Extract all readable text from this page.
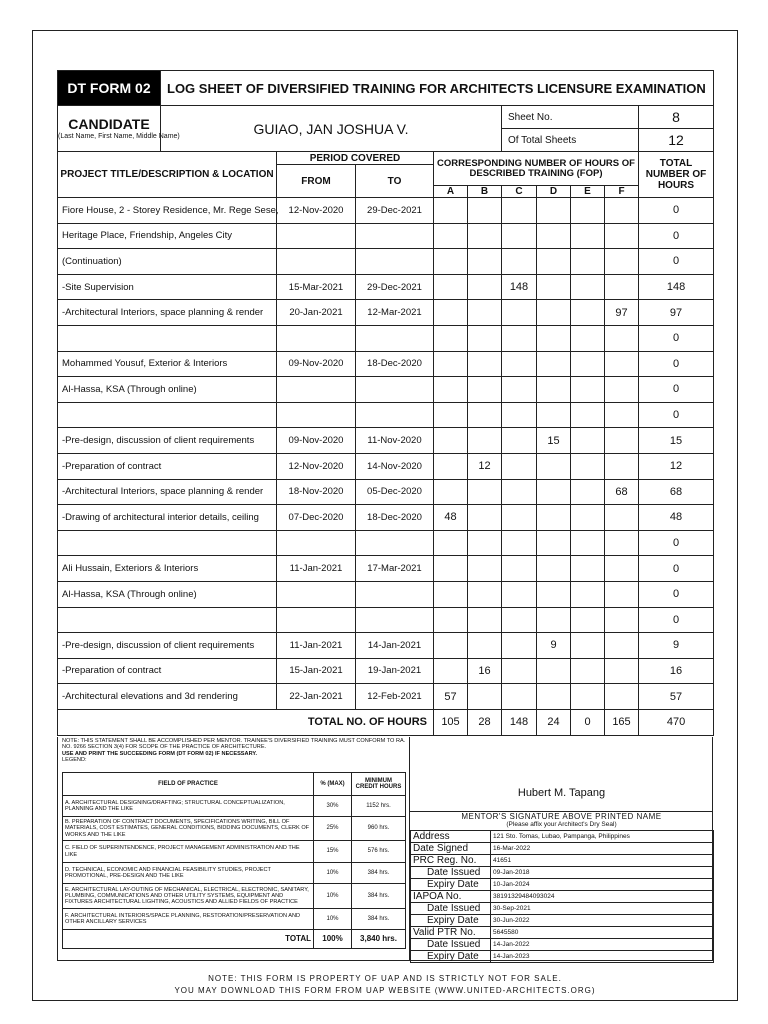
DT FORM 02	LOG SHEET OF DIVERSIFIED TRAINING FOR ARCHITECTS LICENSURE EXAMINATION									
CANDIDATE
(Last Name, First Name, Middle Name)	GUIAO, JAN JOSHUA V.					Sheet No.				8
						Of Total Sheets				12
PROJECT TITLE/DESCRIPTION & LOCATION		PERIOD COVERED		CORRESPONDING NUMBER OF HOURS OF DESCRIBED TRAINING (FOP)						TOTAL NUMBER OF HOURS
		FROM	TO							
				A	B	C	D	E	F	
Fiore House, 2 - Storey Residence, Mr. Rege Sese,		12-Nov-2020	29-Dec-2021							0
Heritage Place, Friendship, Angeles City										0
(Continuation)										0
-Site Supervision		15-Mar-2021	29-Dec-2021			148				148
-Architectural Interiors, space planning & render		20-Jan-2021	12-Mar-2021						97	97
										0
Mohammed Yousuf, Exterior & Interiors		09-Nov-2020	18-Dec-2020							0
Al-Hassa, KSA (Through online)										0
										0
-Pre-design, discussion of client requirements		09-Nov-2020	11-Nov-2020				15			15
-Preparation of contract		12-Nov-2020	14-Nov-2020		12					12
-Architectural Interiors, space planning & render		18-Nov-2020	05-Dec-2020						68	68
-Drawing of architectural interior details, ceiling		07-Dec-2020	18-Dec-2020	48						48
										0
Ali Hussain, Exteriors & Interiors		11-Jan-2021	17-Mar-2021							0
Al-Hassa, KSA (Through online)										0
										0
-Pre-design, discussion of client requirements		11-Jan-2021	14-Jan-2021				9			9
-Preparation of contract		15-Jan-2021	19-Jan-2021		16					16
-Architectural elevations and 3d rendering		22-Jan-2021	12-Feb-2021	57						57
TOTAL NO. OF HOURS				105	28	148	24	0	165	470
NOTE: THIS STATEMENT SHALL BE ACCOMPLISHED PER MENTOR. TRAINEE'S DIVERSIFIED TRAINING MUST CONFORM TO RA. NO. 9266 SECTION 3(4) FOR SCOPE OF THE PRACTICE OF ARCHITECTURE.
USE AND PRINT THE SUCCEEDING FORM (DT FORM 02) IF NECESSARY.
LEGEND:
FIELD OF PRACTICE	% (MAX)	MINIMUM CREDIT HOURS
A. ARCHITECTURAL DESIGNING/DRAFTING; STRUCTURAL CONCEPTUALIZATION, PLANNING AND THE LIKE	30%	1152 hrs.
B. PREPARATION OF CONTRACT DOCUMENTS, SPECIFICATIONS WRITING, BILL OF MATERIALS, COST ESTIMATES, GENERAL CONDITIONS, BIDDING DOCUMENTS, CLERK OF WORKS AND THE LIKE	25%	960 hrs.
C. FIELD OF SUPERINTENDENCE, PROJECT MANAGEMENT ADMINISTRATION AND THE LIKE	15%	576 hrs.
D. TECHNICAL, ECONOMIC AND FINANCIAL FEASIBILITY STUDIES, PROJECT PROMOTIONAL, PRE-DESIGN AND THE LIKE	10%	384 hrs.
E. ARCHITECTURAL LAY-OUTING OF MECHANICAL, ELECTRICAL, ELECTRONIC, SANITARY, PLUMBING, COMMUNICATIONS AND OTHER UTILITY SYSTEMS, EQUIPMENT AND FIXTURES ARCHITECTURAL LIGHTING, ACOUSTICS AND ALLIED FIELDS OF PRACTICE	10%	384 hrs.
F. ARCHITECTURAL INTERIORS/SPACE PLANNING, RESTORATION/PRESERVATION AND OTHER ANCILLARY SERVICES	10%	384 hrs.
TOTAL	100%	3,840 hrs.
Hubert M. Tapang
MENTOR'S SIGNATURE ABOVE PRINTED NAME
(Please affix your Architect's Dry Seal)
Address	121 Sto. Tomas, Lubao, Pampanga, Philippines
Date Signed	16-Mar-2022
PRC Reg. No.	41651
Date Issued	09-Jan-2018
Expiry Date	10-Jan-2024
IAPOA No.	38191329484093024
Date Issued	30-Sep-2021
Expiry Date	30-Jun-2022
Valid PTR No.	5645580
Date Issued	14-Jan-2022
Expiry Date	14-Jan-2023
NOTE: THIS FORM IS PROPERTY OF UAP AND IS STRICTLY NOT FOR SALE.
YOU MAY DOWNLOAD THIS FORM FROM UAP WEBSITE (WWW.UNITED-ARCHITECTS.ORG)
